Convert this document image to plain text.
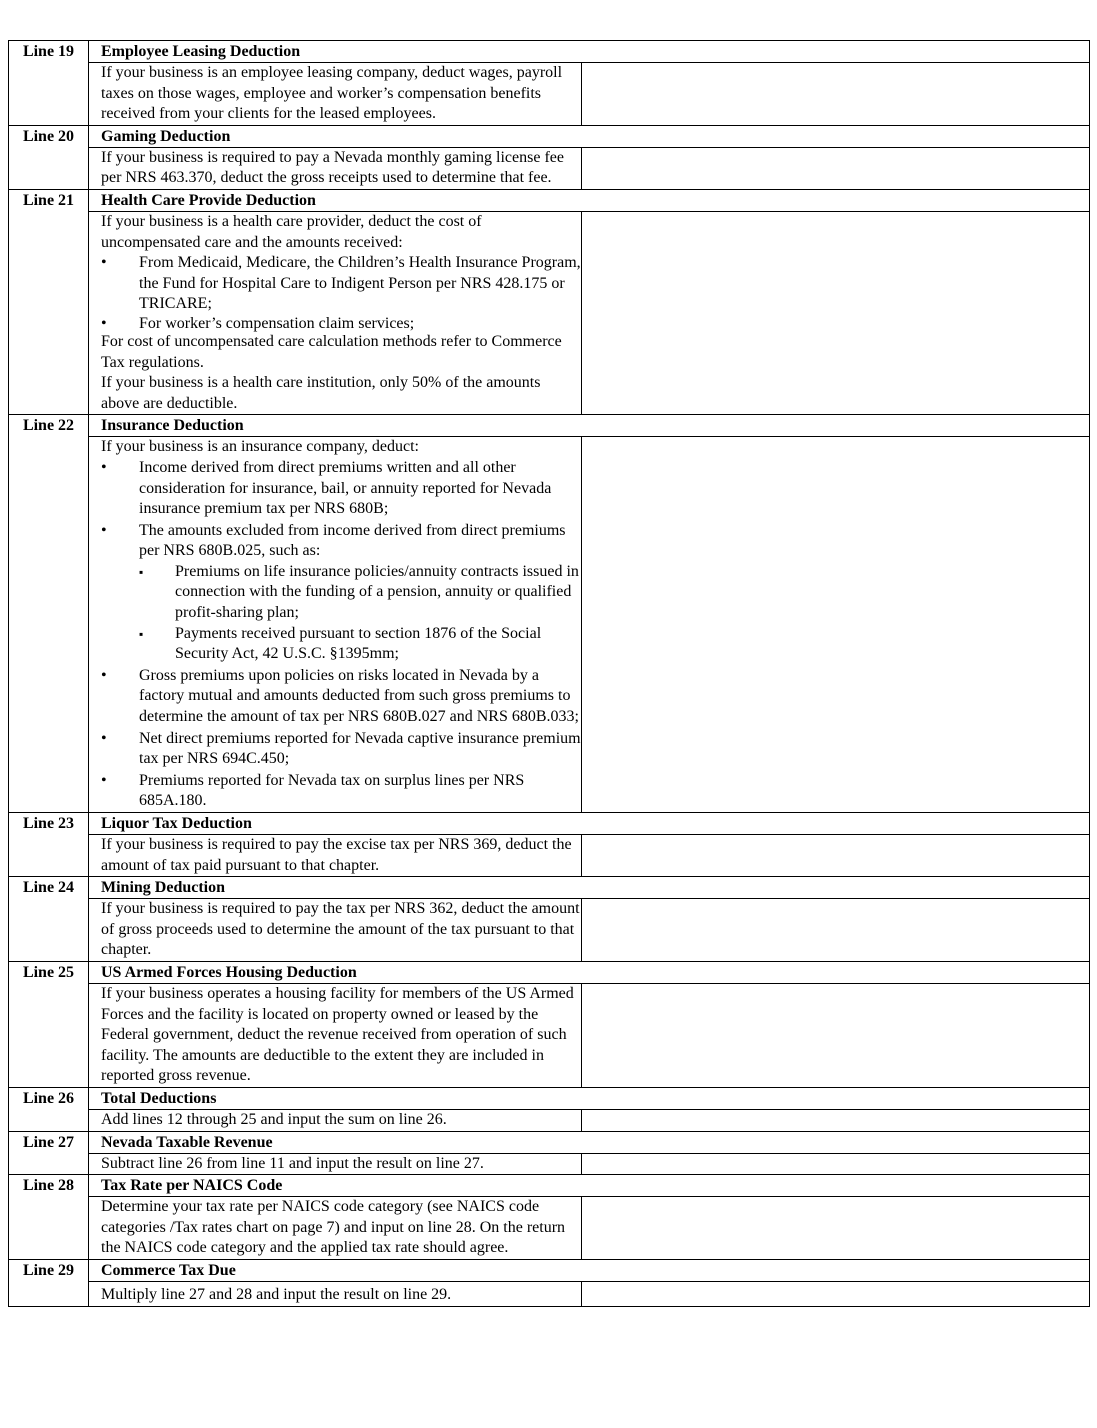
Line 19	Employee Leasing Deduction

If your business is an employee leasing company, deduct wages, payroll taxes on those wages, employee and worker’s compensation benefits received from your clients for the leased employees.

Line 20	Gaming Deduction

If your business is required to pay a Nevada monthly gaming license fee per NRS 463.370, deduct the gross receipts used to determine that fee.

Line 21	Health Care Provide Deduction

If your business is a health care provider, deduct the cost of uncompensated care and the amounts received:

• From Medicaid, Medicare, the Children’s Health Insurance Program, the Fund for Hospital Care to Indigent Person per NRS 428.175 or TRICARE;
• For worker’s compensation claim services;

For cost of uncompensated care calculation methods refer to Commerce Tax regulations.

If your business is a health care institution, only 50% of the amounts above are deductible.

Line 22	Insurance Deduction

If your business is an insurance company, deduct:

• Income derived from direct premiums written and all other consideration for insurance, bail, or annuity reported for Nevada insurance premium tax per NRS 680B;
• The amounts excluded from income derived from direct premiums per NRS 680B.025, such as:
▪ Premiums on life insurance policies/annuity contracts issued in connection with the funding of a pension, annuity or qualified profit-sharing plan;
▪ Payments received pursuant to section 1876 of the Social Security Act, 42 U.S.C. §1395mm;
• Gross premiums upon policies on risks located in Nevada by a factory mutual and amounts deducted from such gross premiums to determine the amount of tax per NRS 680B.027 and NRS 680B.033;
• Net direct premiums reported for Nevada captive insurance premium tax per NRS 694C.450;
• Premiums reported for Nevada tax on surplus lines per NRS 685A.180.
Line 23	Liquor Tax Deduction

If your business is required to pay the excise tax per NRS 369, deduct the amount of tax paid pursuant to that chapter.

Line 24	Mining Deduction

If your business is required to pay the tax per NRS 362, deduct the amount of gross proceeds used to determine the amount of the tax pursuant to that chapter.

Line 25	US Armed Forces Housing Deduction

If your business operates a housing facility for members of the US Armed Forces and the facility is located on property owned or leased by the Federal government, deduct the revenue received from operation of such facility. The amounts are deductible to the extent they are included in reported gross revenue.

Line 26	Total Deductions

Add lines 12 through 25 and input the sum on line 26.

Line 27	Nevada Taxable Revenue

Subtract line 26 from line 11 and input the result on line 27.

Line 28	Tax Rate per NAICS Code

Determine your tax rate per NAICS code category (see NAICS code categories /Tax rates chart on page 7) and input on line 28. On the return the NAICS code category and the applied tax rate should agree.

Line 29	Commerce Tax Due

Multiply line 27 and 28 and input the result on line 29.
